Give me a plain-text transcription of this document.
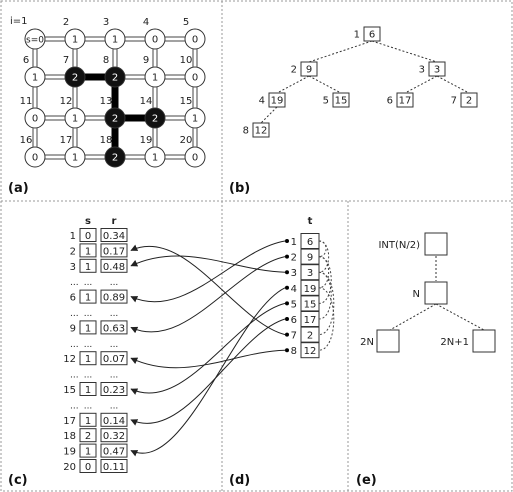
i=1
s=0	1
2
1
3
0
4
0
5
1
6
2
7
2
8
1
9
0
10
0
11
1
12
2
13
2
14
1
15
0
16
1
17
2
18
1
19
0
20
(a)
6
1
9
2	3
3
19
4	15
5	17
6	2
7
12
8
(b)
s r
1 0 0.34
2 1 0.17
3 1 0.48
... ... ...
6 1 0.89
... ... ...
9 1 0.63
... ... ...
12 1 0.07
... ... ...
15 1 0.23
... ... ...
17 1 0.14
18 2 0.32
19 1 0.47
20 0 0.11
(c)
t
1 6
2 9
3 3
4 19
5 15
6 17
7 2
8 12
(d)
INT(N/2)
N
2N	2N+1
(e)
